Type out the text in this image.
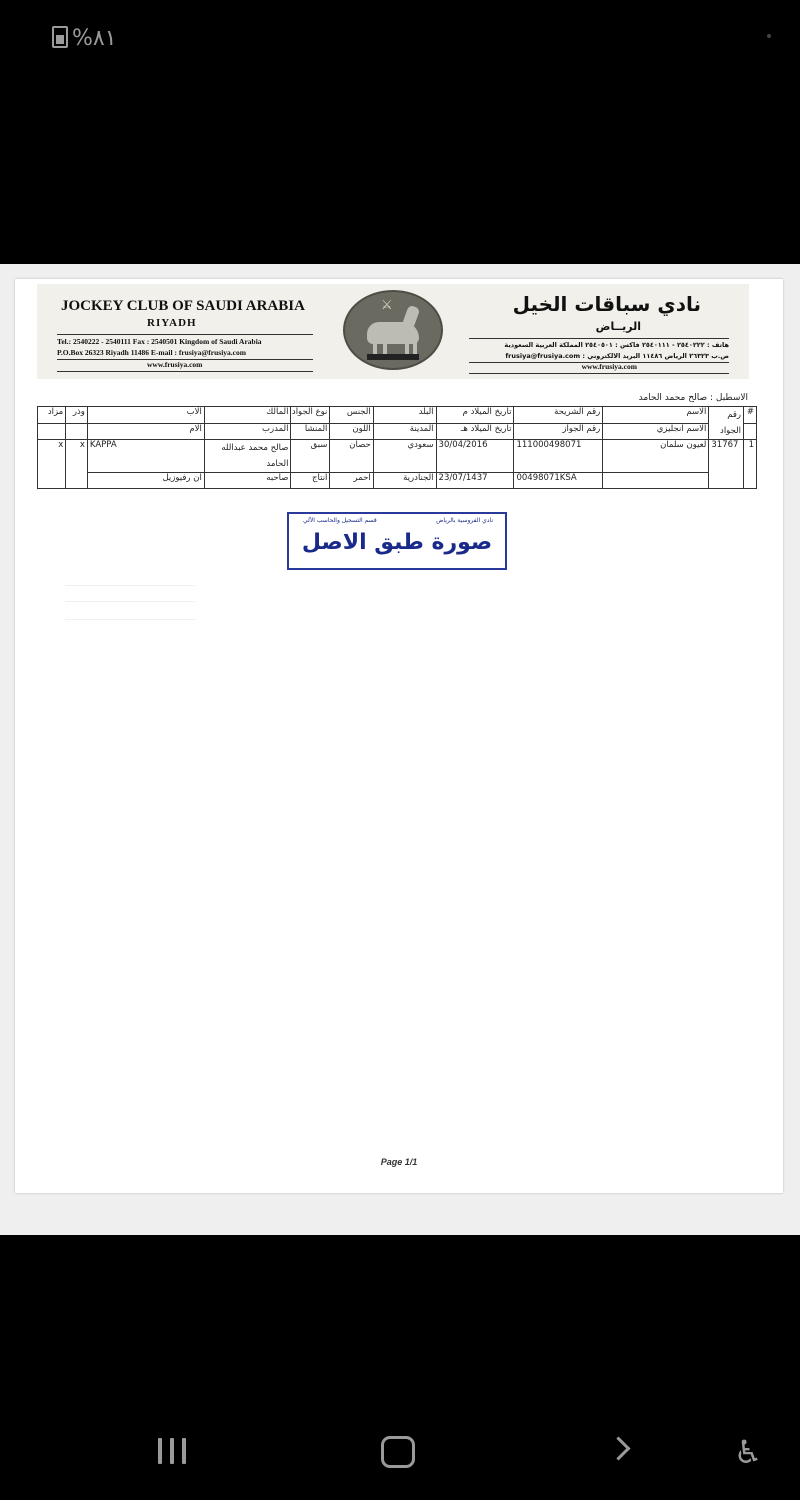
%٨١
JOCKEY CLUB OF SAUDI ARABIA
RIYADH
Tel.: 2540222 - 2540111 Fax : 2540501 Kingdom of Saudi Arabia
P.O.Box 26323 Riyadh 11486 E-mail : frusiya@frusiya.com
www.frusiya.com
⚔	نادي سباقات الخيل
الريــاض
هاتف : ٢٥٤٠٢٢٢ - ٢٥٤٠١١١ فاكس : ٢٥٤٠٥٠١ المملكة العربية السعودية
ص.ب ٢٦٣٢٣ الرياض ١١٤٨٦ البريد الالكتروني : frusiya@frusiya.com
www.frusiya.com
الاسطبل : صالح محمد الحامد
#	رقم الجواد	الاسم	رقم الشريحة	تاريخ الميلاد م	البلد	الجنس	نوع الجواد	المالك	الاب	وذر	مزاد
		الاسم انجليزي	رقم الجواز	تاريخ الميلاد هـ	المدينة	اللون	المنشا	المدرب	الام		
1	31767	لعيون سلمان	111000498071	30/04/2016	سعودي	حصان	سبق	صالح محمد عبدالله الحامد	KAPPA	x	x
			00498071KSA	23/07/1437	الجنادرية	احمر	انتاج	صاحبه	ان رفيوزيل		
نادي الفروسية بالرياض
قسم التسجيل والحاسب الآلي
صورة طبق الاصل
Page 1/1
♿
